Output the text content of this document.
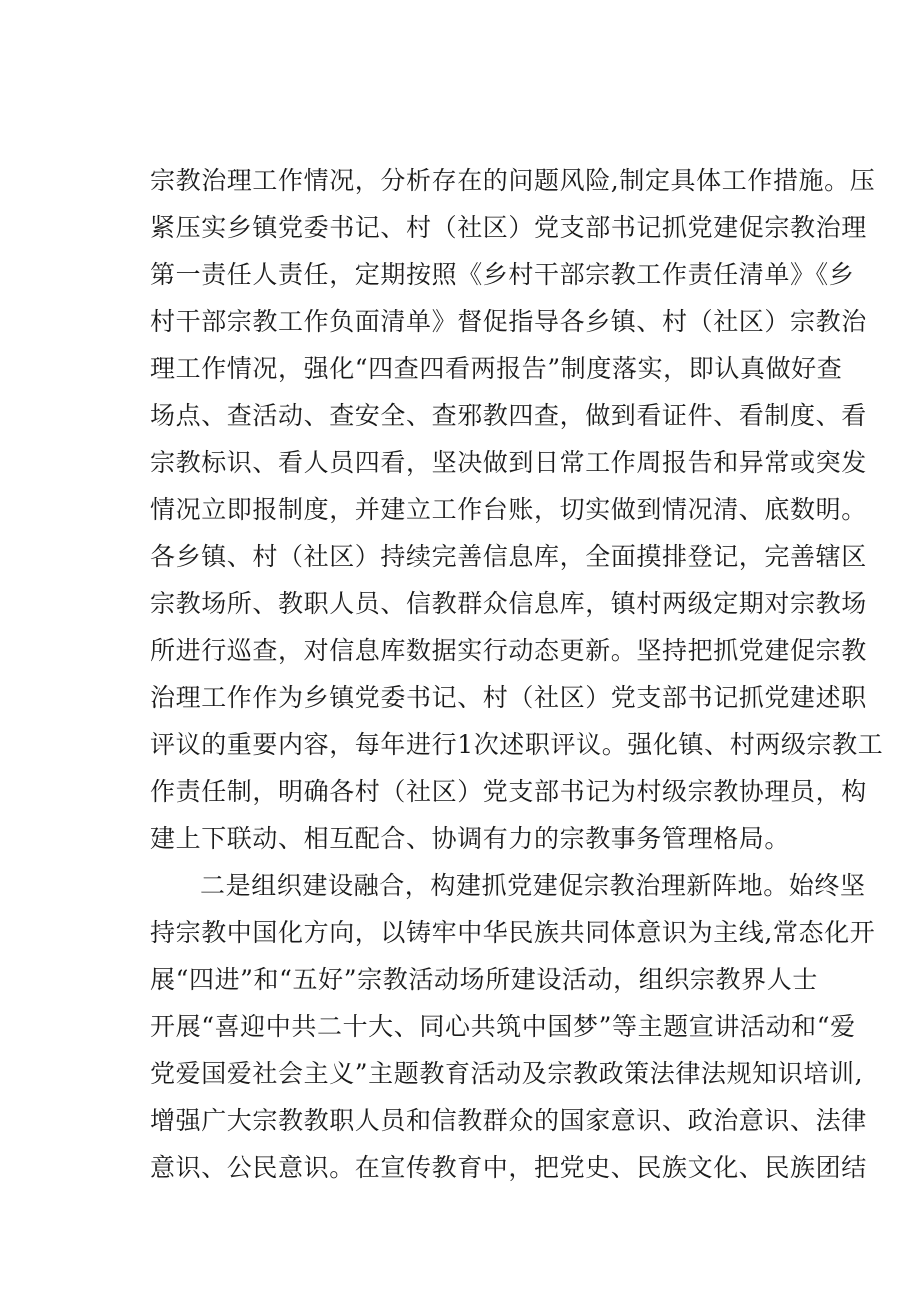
宗教治理工作情况，分析存在的问题风险,制定具体工作措施。压
紧压实乡镇党委书记、村（社区）党支部书记抓党建促宗教治理
第一责任人责任，定期按照《乡村干部宗教工作责任清单》《乡
村干部宗教工作负面清单》督促指导各乡镇、村（社区）宗教治
理工作情况，强化“四查四看两报告”制度落实，即认真做好查
场点、查活动、查安全、查邪教四查，做到看证件、看制度、看
宗教标识、看人员四看，坚决做到日常工作周报告和异常或突发
情况立即报制度，并建立工作台账，切实做到情况清、底数明。
各乡镇、村（社区）持续完善信息库，全面摸排登记，完善辖区
宗教场所、教职人员、信教群众信息库，镇村两级定期对宗教场
所进行巡查，对信息库数据实行动态更新。坚持把抓党建促宗教
治理工作作为乡镇党委书记、村（社区）党支部书记抓党建述职
评议的重要内容，每年进行1次述职评议。强化镇、村两级宗教工
作责任制，明确各村（社区）党支部书记为村级宗教协理员，构
建上下联动、相互配合、协调有力的宗教事务管理格局。
二是组织建设融合，构建抓党建促宗教治理新阵地。始终坚
持宗教中国化方向，以铸牢中华民族共同体意识为主线,常态化开
展“四进”和“五好”宗教活动场所建设活动，组织宗教界人士
开展“喜迎中共二十大、同心共筑中国梦”等主题宣讲活动和“爱
党爱国爱社会主义”主题教育活动及宗教政策法律法规知识培训,
增强广大宗教教职人员和信教群众的国家意识、政治意识、法律
意识、公民意识。在宣传教育中，把党史、民族文化、民族团结
